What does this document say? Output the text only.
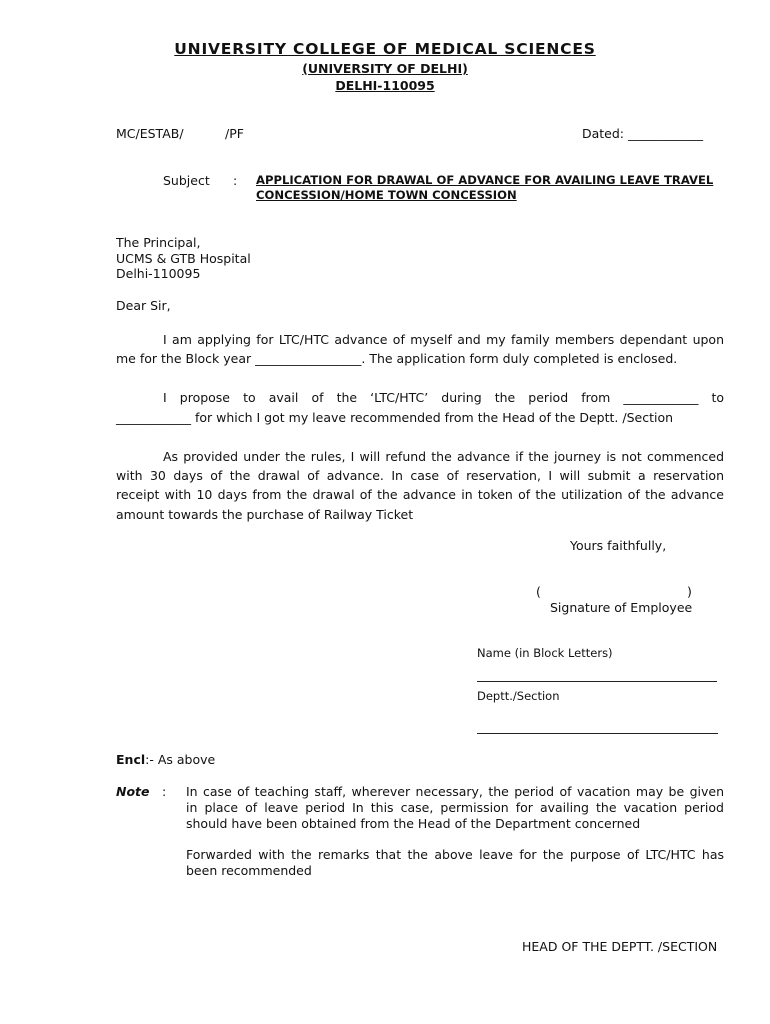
UNIVERSITY COLLEGE OF MEDICAL SCIENCES
(UNIVERSITY OF DELHI)
DELHI-110095
MC/ESTAB/	/PF	Dated: ____________
Subject : APPLICATION FOR DRAWAL OF ADVANCE FOR AVAILING LEAVE TRAVEL
CONCESSION/HOME TOWN CONCESSION
The Principal,
UCMS & GTB Hospital
Delhi-110095
Dear Sir,
I am applying for LTC/HTC advance of myself and my family members dependant upon
me for the Block year _________________. The application form duly completed is enclosed.
I propose to avail of the ‘LTC/HTC’ during the period from ____________ to
____________ for which I got my leave recommended from the Head of the Deptt. /Section
As provided under the rules, I will refund the advance if the journey is not commenced
with 30 days of the drawal of advance. In case of reservation, I will submit a reservation
receipt with 10 days from the drawal of the advance in token of the utilization of the advance
amount towards the purchase of Railway Ticket
Yours faithfully,
(	)
Signature of Employee
Name (in Block Letters)
Deptt./Section
Encl:- As above
Note : In case of teaching staff, wherever necessary, the period of vacation may be given
in place of leave period In this case, permission for availing the vacation period
should have been obtained from the Head of the Department concerned
Forwarded with the remarks that the above leave for the purpose of LTC/HTC has
been recommended
HEAD OF THE DEPTT. /SECTION
